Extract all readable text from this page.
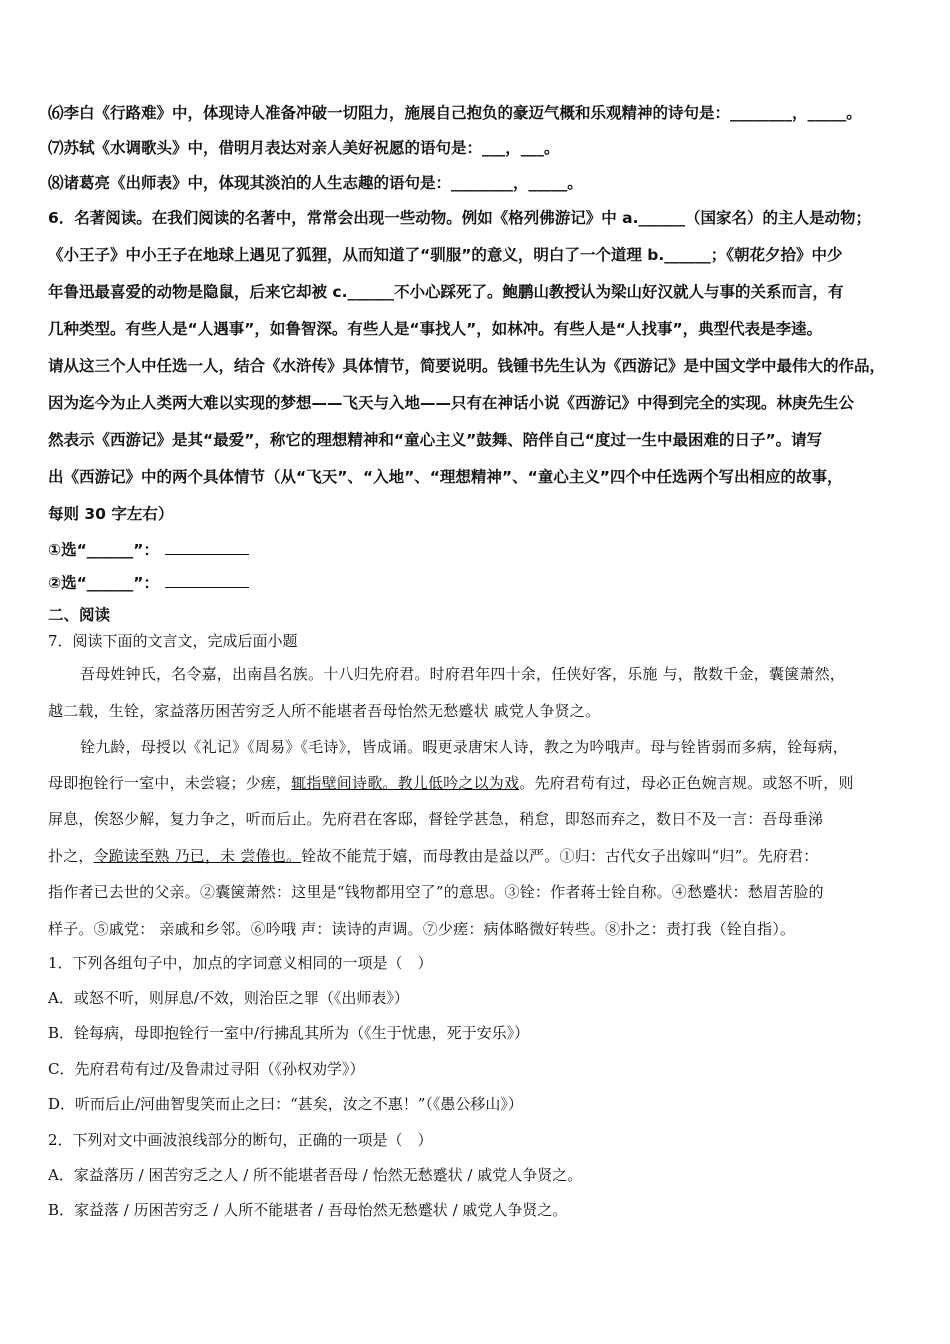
⑹李白《行路难》中，体现诗人准备冲破一切阻力，施展自己抱负的豪迈气概和乐观精神的诗句是：________，_____。
⑺苏轼《水调歌头》中，借明月表达对亲人美好祝愿的语句是：___，___。
⑻诸葛亮《出师表》中，体现其淡泊的人生志趣的语句是：________，_____。
6．名著阅读。在我们阅读的名著中，常常会出现一些动物。例如《格列佛游记》中 a.______（国家名）的主人是动物；
《小王子》中小王子在地球上遇见了狐狸，从而知道了“驯服”的意义，明白了一个道理 b.______；《朝花夕拾》中少
年鲁迅最喜爱的动物是隐鼠，后来它却被 c.______不小心踩死了。鲍鹏山教授认为梁山好汉就人与事的关系而言，有
几种类型。有些人是“人遇事”，如鲁智深。有些人是“事找人”，如林冲。有些人是“人找事”，典型代表是李逵。
请从这三个人中任选一人，结合《水浒传》具体情节，简要说明。钱锺书先生认为《西游记》是中国文学中最伟大的作品，
因为迄今为止人类两大难以实现的梦想——飞天与入地——只有在神话小说《西游记》中得到完全的实现。林庚先生公
然表示《西游记》是其“最爱”，称它的理想精神和“童心主义”鼓舞、陪伴自己“度过一生中最困难的日子”。请写
出《西游记》中的两个具体情节（从“飞天”、“入地”、“理想精神”、“童心主义”四个中任选两个写出相应的故事，
每则 30 字左右）
①选“______”：
②选“______”：
二、阅读
7．阅读下面的文言文，完成后面小题
吾母姓钟氏，名令嘉，出南昌名族。十八归先府君。时府君年四十余，任侠好客，乐施 与，散数千金，囊箧萧然，
越二载，生铨，家益落历困苦穷乏人所不能堪者吾母怡然无愁蹙状 戚党人争贤之。
铨九龄，母授以《礼记》《周易》《毛诗》，皆成诵。暇更录唐宋人诗，教之为吟哦声。母与铨皆弱而多病，铨每病，
母即抱铨行一室中，未尝寝；少瘥，辄指壁间诗歌。教儿低吟之以为戏。先府君苟有过，母必正色婉言规。或怒不听，则
屏息，俟怒少解，复力争之，听而后止。先府君在客邸，督铨学甚急，稍怠，即怒而弃之，数日不及一言：吾母垂涕
扑之，令跪读至熟 乃已，未 尝倦也。铨故不能荒于嬉，而母教由是益以严。①归：古代女子出嫁叫“归”。先府君：
指作者已去世的父亲。②囊箧萧然：这里是“钱物都用空了”的意思。③铨：作者蒋士铨自称。④愁蹙状：愁眉苦脸的
样子。⑤戚党： 亲戚和乡邻。⑥吟哦 声：读诗的声调。⑦少瘥：病体略微好转些。⑧扑之：责打我（铨自指）。
1．下列各组句子中，加点的字词意义相同的一项是（　）
A．或怒不听，则屏息/不效，则治臣之罪（《出师表》）
B．铨每病，母即抱铨行一室中/行拂乱其所为（《生于忧患，死于安乐》）
C．先府君苟有过/及鲁肃过寻阳（《孙权劝学》）
D．听而后止/河曲智叟笑而止之曰：“甚矣，汝之不惠！”（《愚公移山》）
2．下列对文中画波浪线部分的断句，正确的一项是（　）
A．家益落历 / 困苦穷乏之人 / 所不能堪者吾母 / 怡然无愁蹙状 / 戚党人争贤之。
B．家益落 / 历困苦穷乏 / 人所不能堪者 / 吾母怡然无愁蹙状 / 戚党人争贤之。
